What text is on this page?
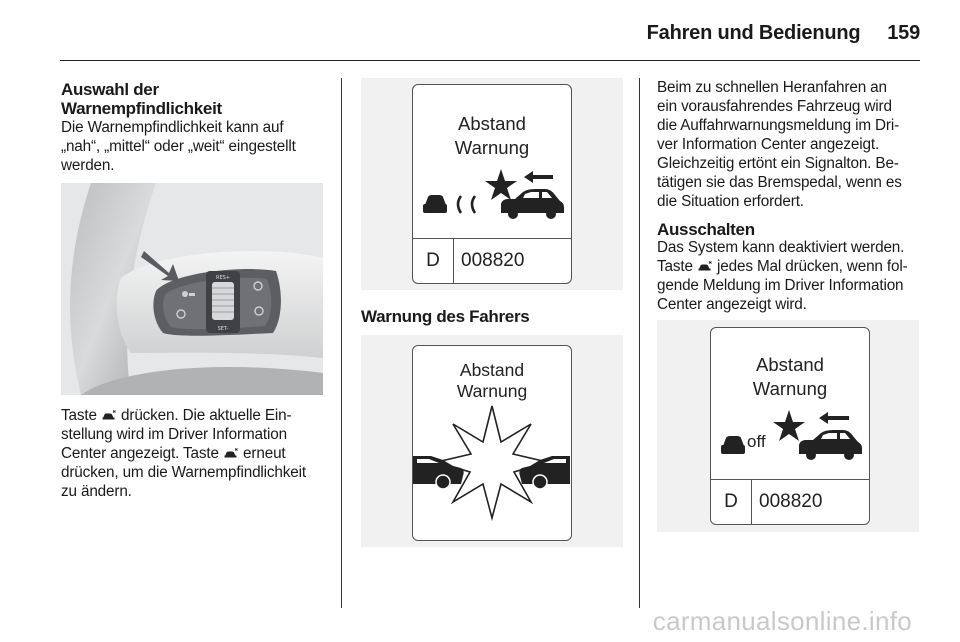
Fahren und Bedienung 159
Auswahl der
Warnempfindlichkeit
Die Warnempfindlichkeit kann auf
„nah“, „mittel“ oder „weit“ eingestellt
werden.
RES+
SET-
Taste  drücken. Die aktuelle Ein-
stellung wird im Driver Information
Center angezeigt. Taste  erneut
drücken, um die Warnempfindlichkeit
zu ändern.
Abstand
Warnung
D	008820
Warnung des Fahrers
Abstand
Warnung
Beim zu schnellen Heranfahren an
ein vorausfahrendes Fahrzeug wird
die Auffahrwarnungsmeldung im Dri-
ver Information Center angezeigt.
Gleichzeitig ertönt ein Signalton. Be-
tätigen sie das Bremspedal, wenn es
die Situation erfordert.
Ausschalten
Das System kann deaktiviert werden.
Taste  jedes Mal drücken, wenn fol-
gende Meldung im Driver Information
Center angezeigt wird.
Abstand
Warnung
off
D	008820
carmanualsonline.info
